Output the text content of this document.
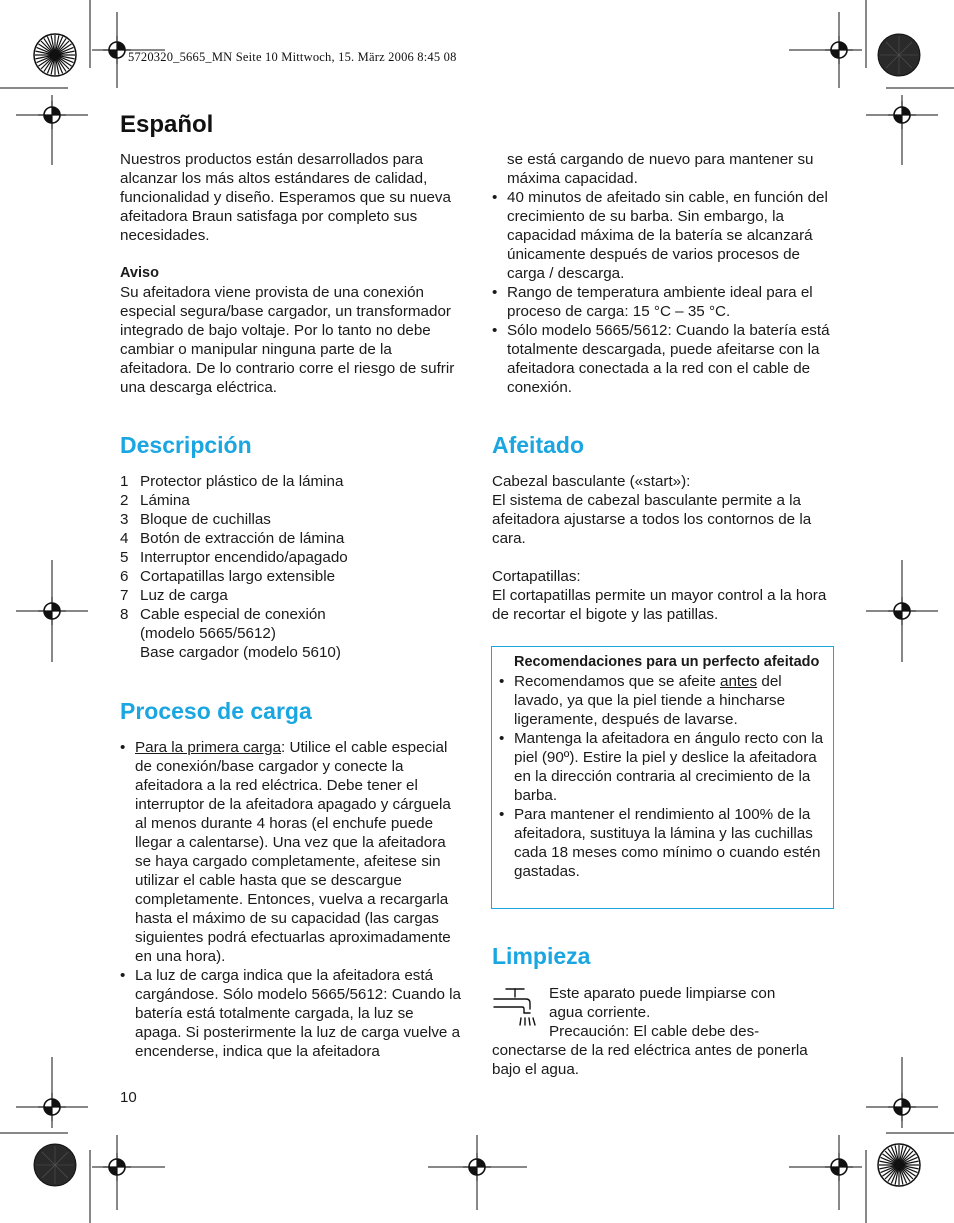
5720320_5665_MN Seite 10 Mittwoch, 15. März 2006 8:45 08
Español

Nuestros productos están desarrollados para alcanzar los más altos estándares de calidad, funcionalidad y diseño. Esperamos que su nueva afeitadora Braun satisfaga por completo sus necesidades.

Aviso

Su afeitadora viene provista de una conexión especial segura/base cargador, un transformador integrado de bajo voltaje. Por lo tanto no debe cambiar o manipular ninguna parte de la afeitadora. De lo contrario corre el riesgo de sufrir una descarga eléctrica.

Descripción
1 Protector plástico de la lámina
2 Lámina
3 Bloque de cuchillas
4 Botón de extracción de lámina
5 Interruptor encendido/apagado
6 Cortapatillas largo extensible
7 Luz de carga
8 Cable especial de conexión
(modelo 5665/5612)
Base cargador (modelo 5610)
Proceso de carga
• Para la primera carga: Utilice el cable especial de conexión/base cargador y conecte la afeitadora a la red eléctrica. Debe tener el interruptor de la afeitadora apagado y cárguela al menos durante 4 horas (el enchufe puede llegar a calentarse). Una vez que la afeitadora se haya cargado completamente, afeitese sin utilizar el cable hasta que se descargue completamente. Entonces, vuelva a recargarla hasta el máximo de su capacidad (las cargas siguientes podrá efectuarlas aproximadamente en una hora).
• La luz de carga indica que la afeitadora está cargándose. Sólo modelo 5665/5612: Cuando la batería está totalmente cargada, la luz se apaga. Si posterirmente la luz de carga vuelve a encenderse, indica que la afeitadora
10

se está cargando de nuevo para mantener su máxima capacidad.

• 40 minutos de afeitado sin cable, en función del crecimiento de su barba. Sin embargo, la capacidad máxima de la batería se alcanzará únicamente después de varios procesos de carga / descarga.
• Rango de temperatura ambiente ideal para el proceso de carga: 15 °C – 35 °C.
• Sólo modelo 5665/5612: Cuando la batería está totalmente descargada, puede afeitarse con la afeitadora conectada a la red con el cable de conexión.
Afeitado

Cabezal basculante («start»):

El sistema de cabezal basculante permite a la afeitadora ajustarse a todos los contornos de la cara.

Cortapatillas:

El cortapatillas permite un mayor control a la hora de recortar el bigote y las patillas.

Recomendaciones para un perfecto afeitado
• Recomendamos que se afeite antes del lavado, ya que la piel tiende a hincharse ligeramente, después de lavarse.
• Mantenga la afeitadora en ángulo recto con la piel (90º). Estire la piel y deslice la afeitadora en la dirección contraria al crecimiento de la barba.
• Para mantener el rendimiento al 100% de la afeitadora, sustituya la lámina y las cuchillas cada 18 meses como mínimo o cuando estén gastadas.
Limpieza

Este aparato puede limpiarse con

agua corriente.

Precaución: El cable debe des-

conectarse de la red eléctrica antes de ponerla bajo el agua.
